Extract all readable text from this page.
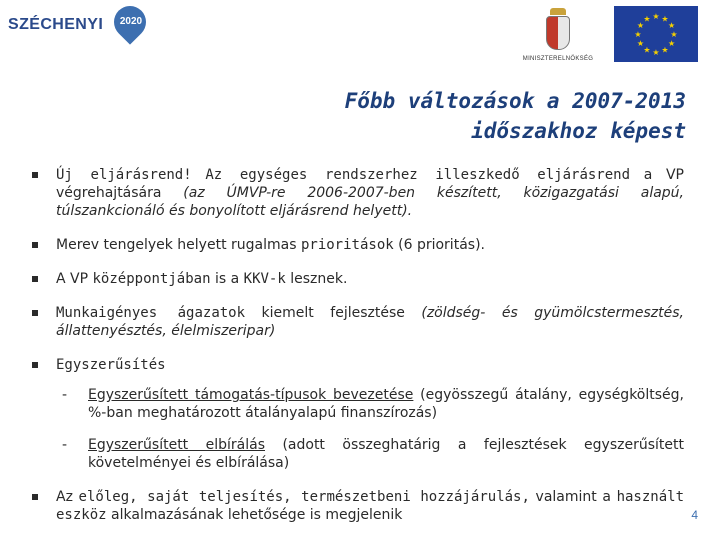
SZÉCHENYI	2020
MINISZTERELNÖKSÉG
★ ★
★
★
★
★
★
★
★
★
★
★
Főbb változások a 2007-2013
időszakhoz képest
Új eljárásrend! Az egységes rendszerhez illeszkedő eljárásrend a VP végrehajtására (az ÚMVP-re 2006-2007-ben készített, közigazgatási alapú, túlszankcionáló és bonyolított eljárásrend helyett).
Merev tengelyek helyett rugalmas prioritások (6 prioritás).
A VP középpontjában is a KKV-k lesznek.
Munkaigényes ágazatok kiemelt fejlesztése (zöldség- és gyümölcstermesztés, állattenyésztés, élelmiszeripar)
Egyszerűsítés
- Egyszerűsített támogatás-típusok bevezetése (egyösszegű átalány, egységköltség, %-ban meghatározott átalányalapú finanszírozás)
- Egyszerűsített elbírálás (adott összeghatárig a fejlesztések egyszerűsített követelményei és elbírálása)
Az előleg, saját teljesítés, természetbeni hozzájárulás, valamint a használt eszköz alkalmazásának lehetősége is megjelenik	4
